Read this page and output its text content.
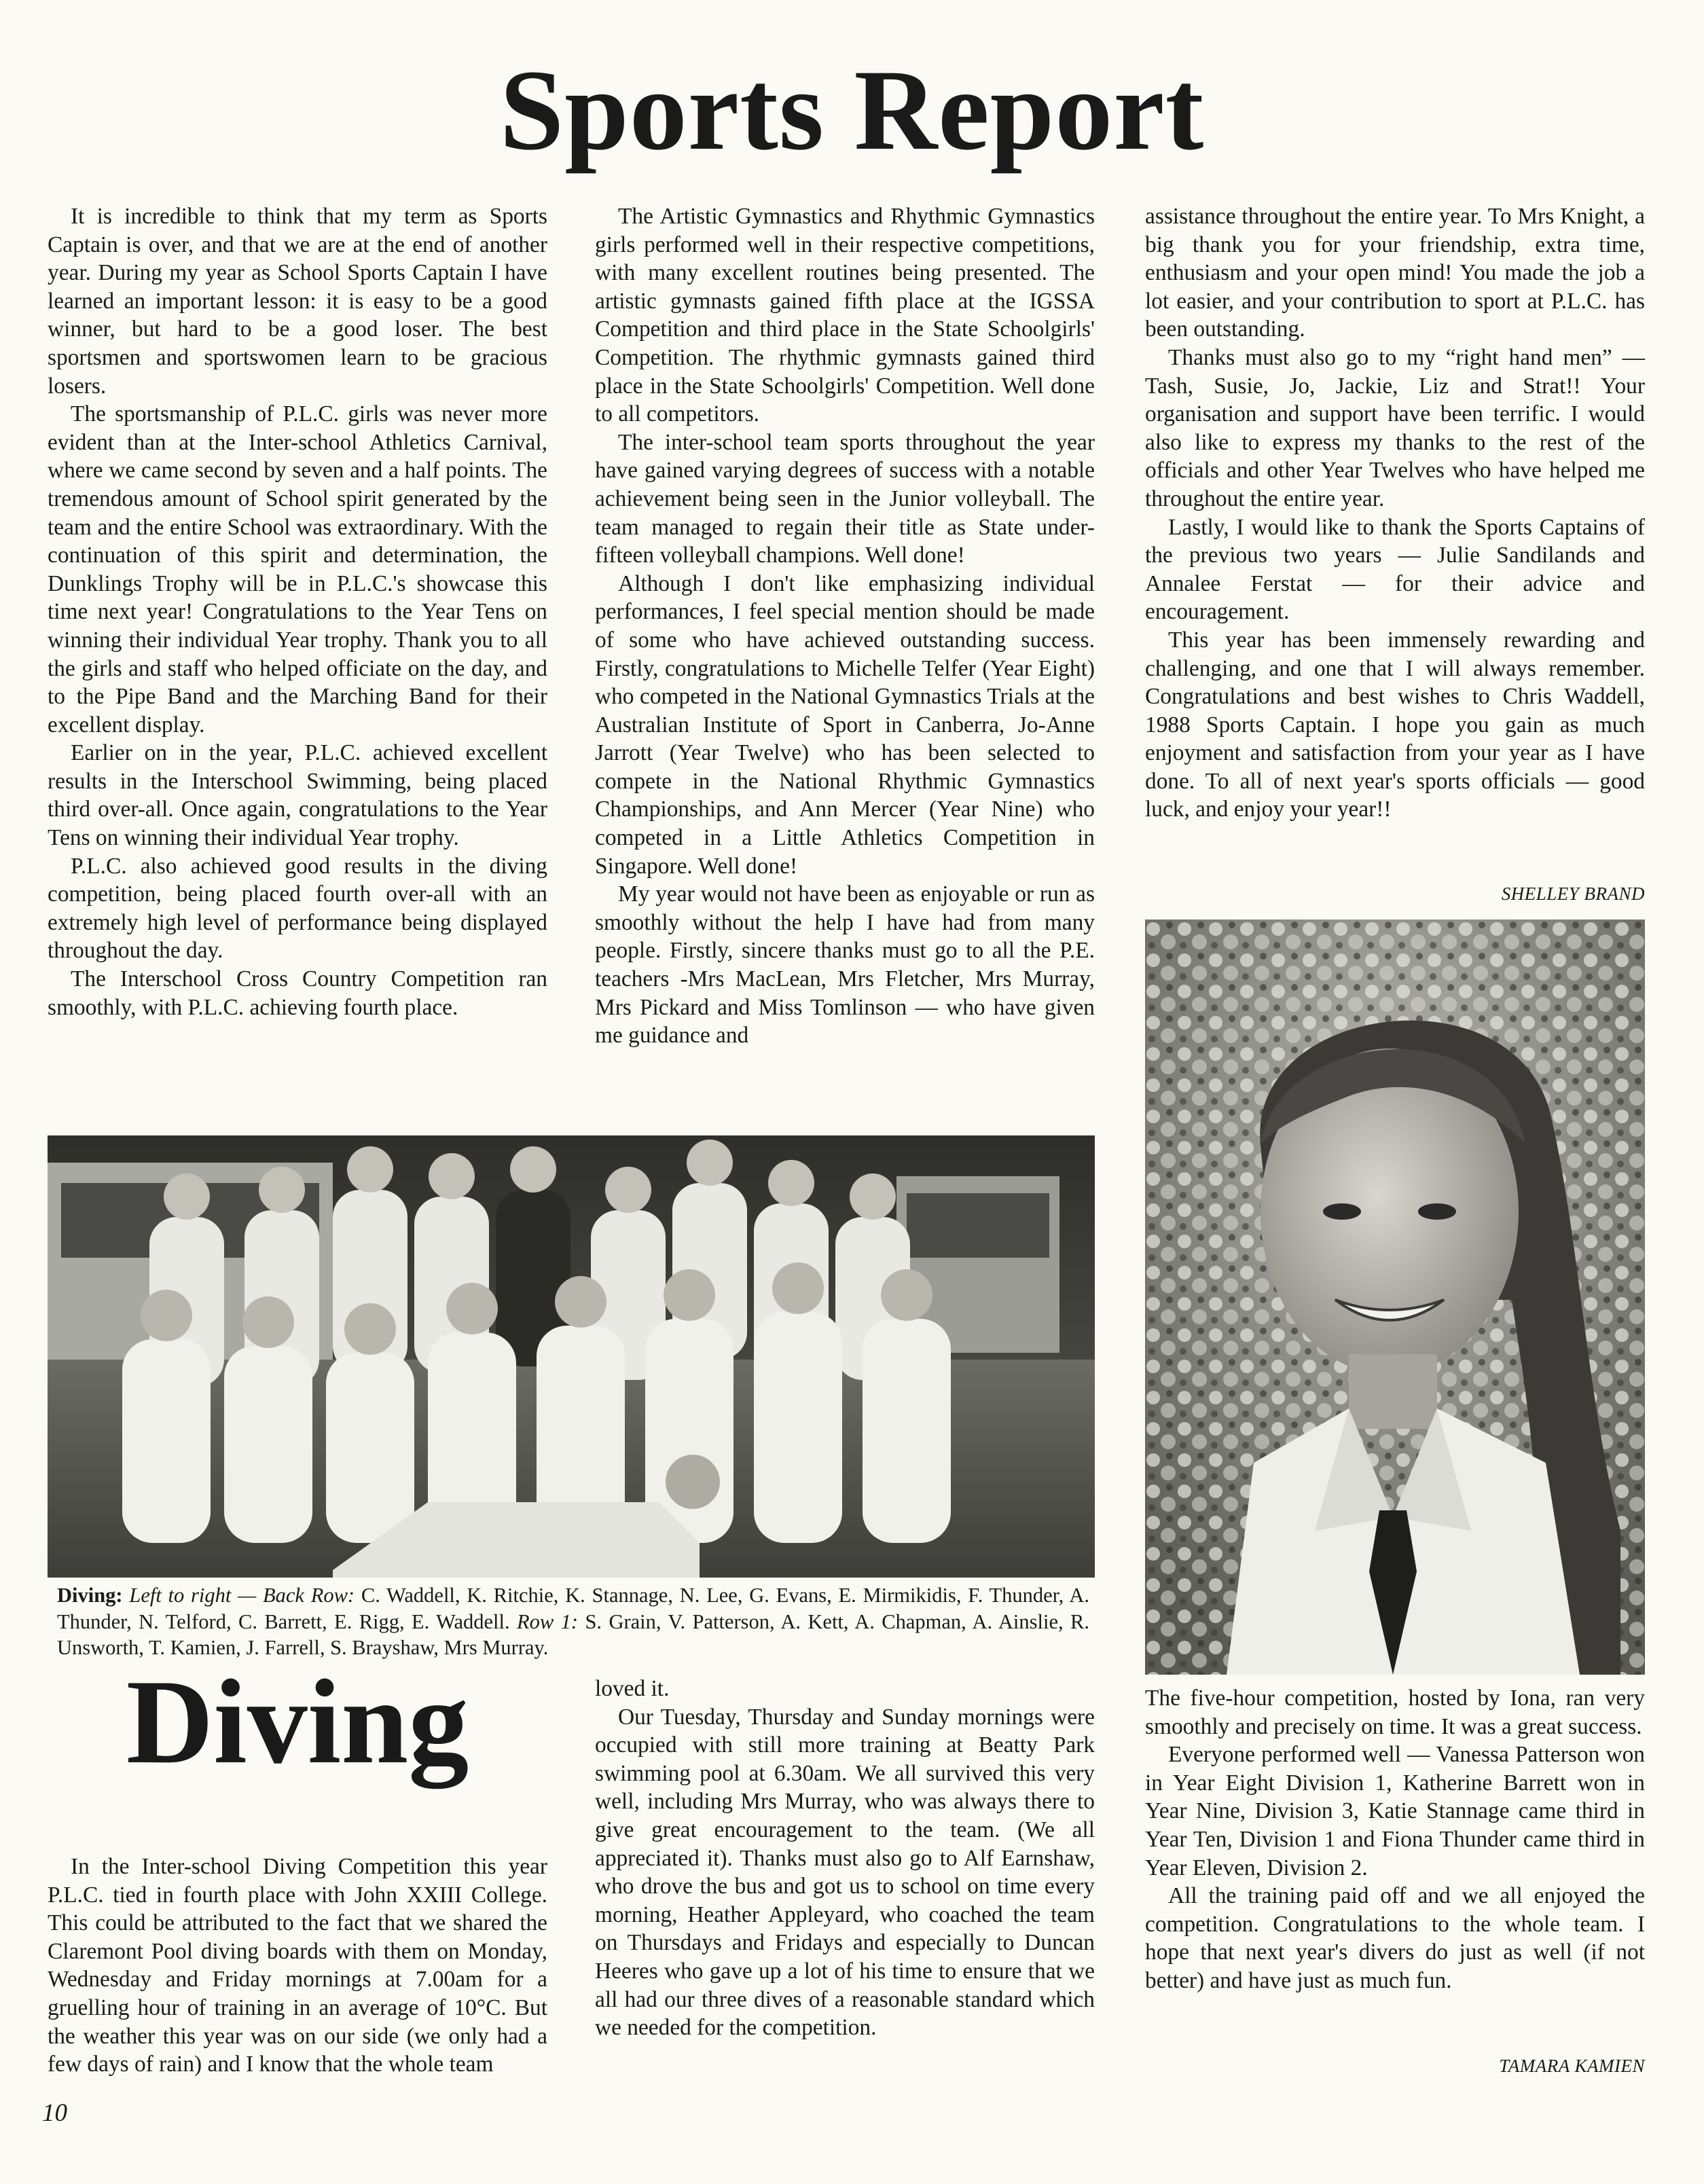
Sports Report

It is incredible to think that my term as Sports Captain is over, and that we are at the end of another year. During my year as School Sports Captain I have learned an important lesson: it is easy to be a good winner, but hard to be a good loser. The best sportsmen and sportswomen learn to be gracious losers.

The sportsmanship of P.L.C. girls was never more evident than at the Inter-school Athletics Carnival, where we came second by seven and a half points. The tremendous amount of School spirit generated by the team and the entire School was extraordinary. With the continuation of this spirit and determination, the Dunklings Trophy will be in P.L.C.'s showcase this time next year! Congratulations to the Year Tens on winning their individual Year trophy. Thank you to all the girls and staff who helped officiate on the day, and to the Pipe Band and the Marching Band for their excellent display.

Earlier on in the year, P.L.C. achieved excellent results in the Interschool Swimming, being placed third over-all. Once again, congratulations to the Year Tens on winning their individual Year trophy.

P.L.C. also achieved good results in the diving competition, being placed fourth over-all with an extremely high level of performance being displayed throughout the day.

The Interschool Cross Country Competition ran smoothly, with P.L.C. achieving fourth place.

The Artistic Gymnastics and Rhythmic Gymnastics girls performed well in their respective competitions, with many excellent routines being presented. The artistic gymnasts gained fifth place at the IGSSA Competition and third place in the State Schoolgirls' Competition. The rhythmic gymnasts gained third place in the State Schoolgirls' Competition. Well done to all competitors.

The inter-school team sports throughout the year have gained varying degrees of success with a notable achievement being seen in the Junior volleyball. The team managed to regain their title as State under-fifteen volleyball champions. Well done!

Although I don't like emphasizing individual performances, I feel special mention should be made of some who have achieved outstanding success. Firstly, congratulations to Michelle Telfer (Year Eight) who competed in the National Gymnastics Trials at the Australian Institute of Sport in Canberra, Jo-Anne Jarrott (Year Twelve) who has been selected to compete in the National Rhythmic Gymnastics Championships, and Ann Mercer (Year Nine) who competed in a Little Athletics Competition in Singapore. Well done!

My year would not have been as enjoyable or run as smoothly without the help I have had from many people. Firstly, sincere thanks must go to all the P.E. teachers -Mrs MacLean, Mrs Fletcher, Mrs Murray, Mrs Pickard and Miss Tomlinson — who have given me guidance and

assistance throughout the entire year. To Mrs Knight, a big thank you for your friendship, extra time, enthusiasm and your open mind! You made the job a lot easier, and your contribution to sport at P.L.C. has been outstanding.

Thanks must also go to my “right hand men” — Tash, Susie, Jo, Jackie, Liz and Strat!! Your organisation and support have been terrific. I would also like to express my thanks to the rest of the officials and other Year Twelves who have helped me throughout the entire year.

Lastly, I would like to thank the Sports Captains of the previous two years — Julie Sandilands and Annalee Ferstat — for their advice and encouragement.

This year has been immensely rewarding and challenging, and one that I will always remember. Congratulations and best wishes to Chris Waddell, 1988 Sports Captain. I hope you gain as much enjoyment and satisfaction from your year as I have done. To all of next year's sports officials — good luck, and enjoy your year!!

SHELLEY BRAND
Diving: Left to right — Back Row: C. Waddell, K. Ritchie, K. Stannage, N. Lee, G. Evans, E. Mirmikidis, F. Thunder, A. Thunder, N. Telford, C. Barrett, E. Rigg, E. Waddell. Row 1: S. Grain, V. Patterson, A. Kett, A. Chapman, A. Ainslie, R. Unsworth, T. Kamien, J. Farrell, S. Brayshaw, Mrs Murray.
Diving

In the Inter-school Diving Competition this year P.L.C. tied in fourth place with John XXIII College. This could be attributed to the fact that we shared the Claremont Pool diving boards with them on Monday, Wednesday and Friday mornings at 7.00am for a gruelling hour of training in an average of 10°C. But the weather this year was on our side (we only had a few days of rain) and I know that the whole team

loved it.

Our Tuesday, Thursday and Sunday mornings were occupied with still more training at Beatty Park swimming pool at 6.30am. We all survived this very well, including Mrs Murray, who was always there to give great encouragement to the team. (We all appreciated it). Thanks must also go to Alf Earnshaw, who drove the bus and got us to school on time every morning, Heather Appleyard, who coached the team on Thursdays and Fridays and especially to Duncan Heeres who gave up a lot of his time to ensure that we all had our three dives of a reasonable standard which we needed for the competition.

The five-hour competition, hosted by Iona, ran very smoothly and precisely on time. It was a great success.

Everyone performed well — Vanessa Patterson won in Year Eight Division 1, Katherine Barrett won in Year Nine, Division 3, Katie Stannage came third in Year Ten, Division 1 and Fiona Thunder came third in Year Eleven, Division 2.

All the training paid off and we all enjoyed the competition. Congratulations to the whole team. I hope that next year's divers do just as well (if not better) and have just as much fun.

TAMARA KAMIEN
10
